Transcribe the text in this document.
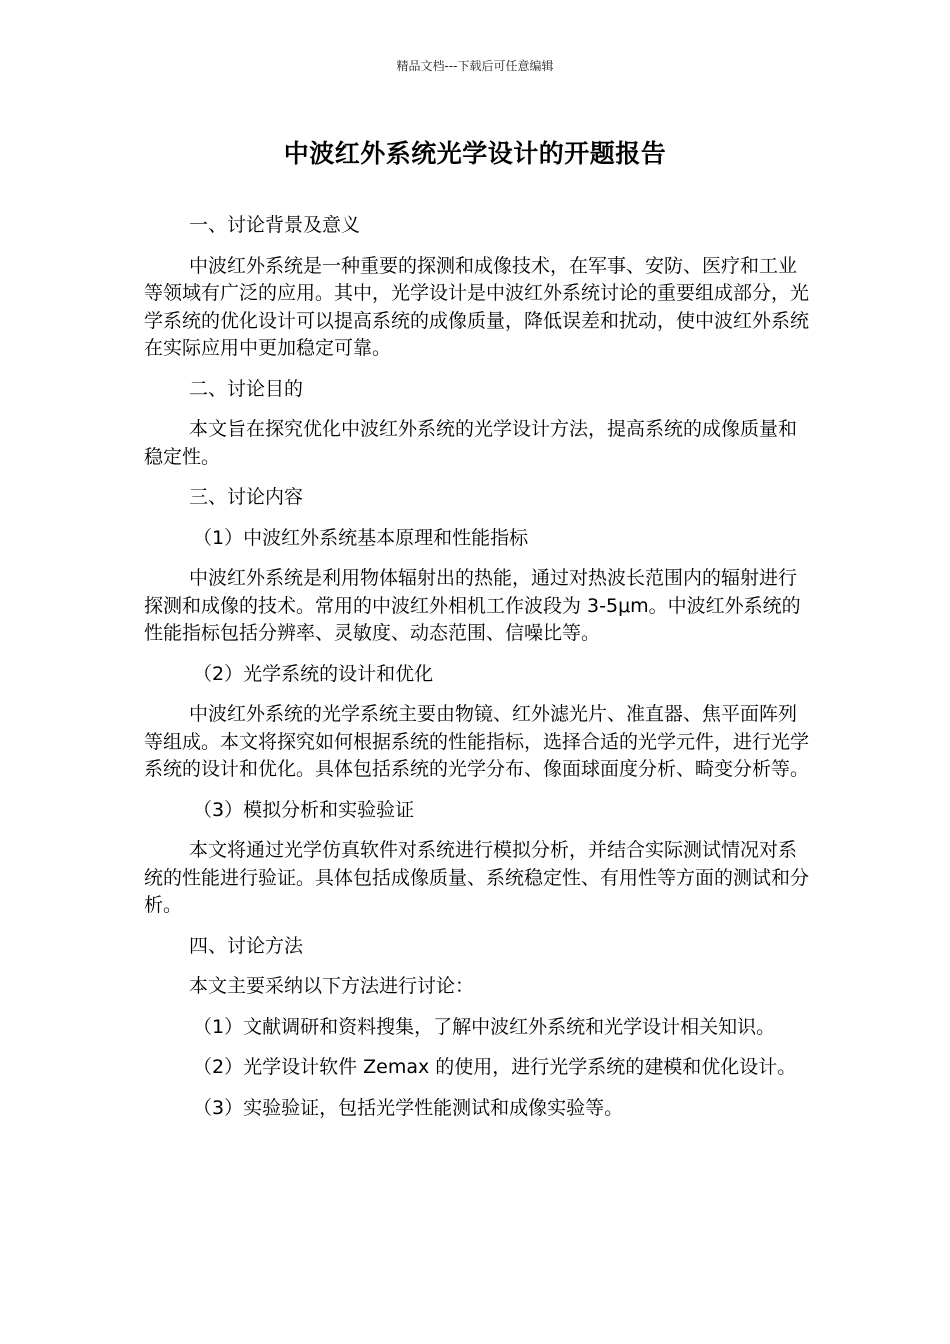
精品文档---下载后可任意编辑
中波红外系统光学设计的开题报告

一、讨论背景及意义

中波红外系统是一种重要的探测和成像技术，在军事、安防、医疗和工业等领域有广泛的应用。其中，光学设计是中波红外系统讨论的重要组成部分，光学系统的优化设计可以提高系统的成像质量，降低误差和扰动，使中波红外系统在实际应用中更加稳定可靠。

二、讨论目的

本文旨在探究优化中波红外系统的光学设计方法，提高系统的成像质量和稳定性。

三、讨论内容

（1）中波红外系统基本原理和性能指标

中波红外系统是利用物体辐射出的热能，通过对热波长范围内的辐射进行探测和成像的技术。常用的中波红外相机工作波段为 3-5μm。中波红外系统的性能指标包括分辨率、灵敏度、动态范围、信噪比等。

（2）光学系统的设计和优化

中波红外系统的光学系统主要由物镜、红外滤光片、准直器、焦平面阵列等组成。本文将探究如何根据系统的性能指标，选择合适的光学元件，进行光学系统的设计和优化。具体包括系统的光学分布、像面球面度分析、畸变分析等。

（3）模拟分析和实验验证

本文将通过光学仿真软件对系统进行模拟分析，并结合实际测试情况对系统的性能进行验证。具体包括成像质量、系统稳定性、有用性等方面的测试和分析。

四、讨论方法

本文主要采纳以下方法进行讨论：

（1）文献调研和资料搜集，了解中波红外系统和光学设计相关知识。

（2）光学设计软件 Zemax 的使用，进行光学系统的建模和优化设计。

（3）实验验证，包括光学性能测试和成像实验等。
